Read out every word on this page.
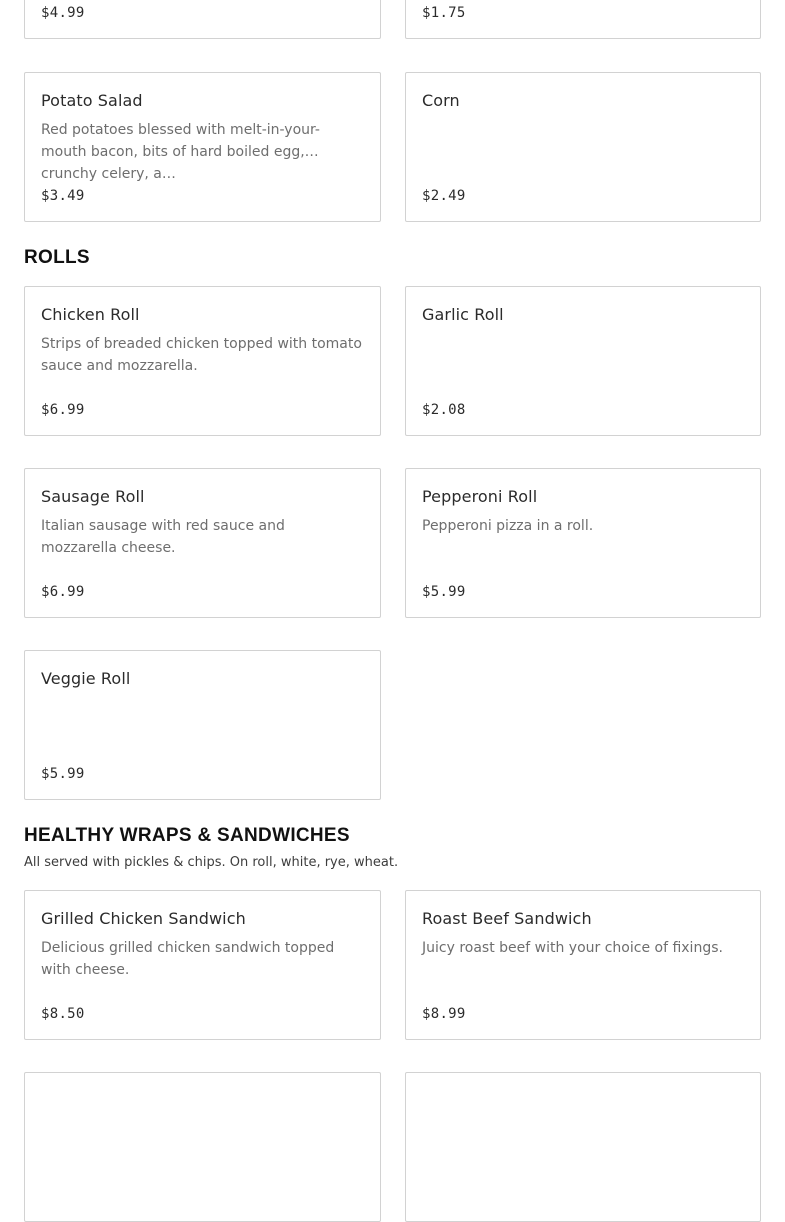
$4.99	$1.75
Potato Salad
Red potatoes blessed with melt-in-your-mouth bacon, bits of hard boiled egg, crunchy celery, a…
$3.49
Corn
$2.49
ROLLS
Chicken Roll
Strips of breaded chicken topped with tomato sauce and mozzarella.
$6.99
Garlic Roll
$2.08
Sausage Roll
Italian sausage with red sauce and mozzarella cheese.
$6.99
Pepperoni Roll
Pepperoni pizza in a roll.
$5.99
Veggie Roll
$5.99
HEALTHY WRAPS & SANDWICHES
All served with pickles & chips. On roll, white, rye, wheat.
Grilled Chicken Sandwich
Delicious grilled chicken sandwich topped with cheese.
$8.50
Roast Beef Sandwich
Juicy roast beef with your choice of fixings.
$8.99
